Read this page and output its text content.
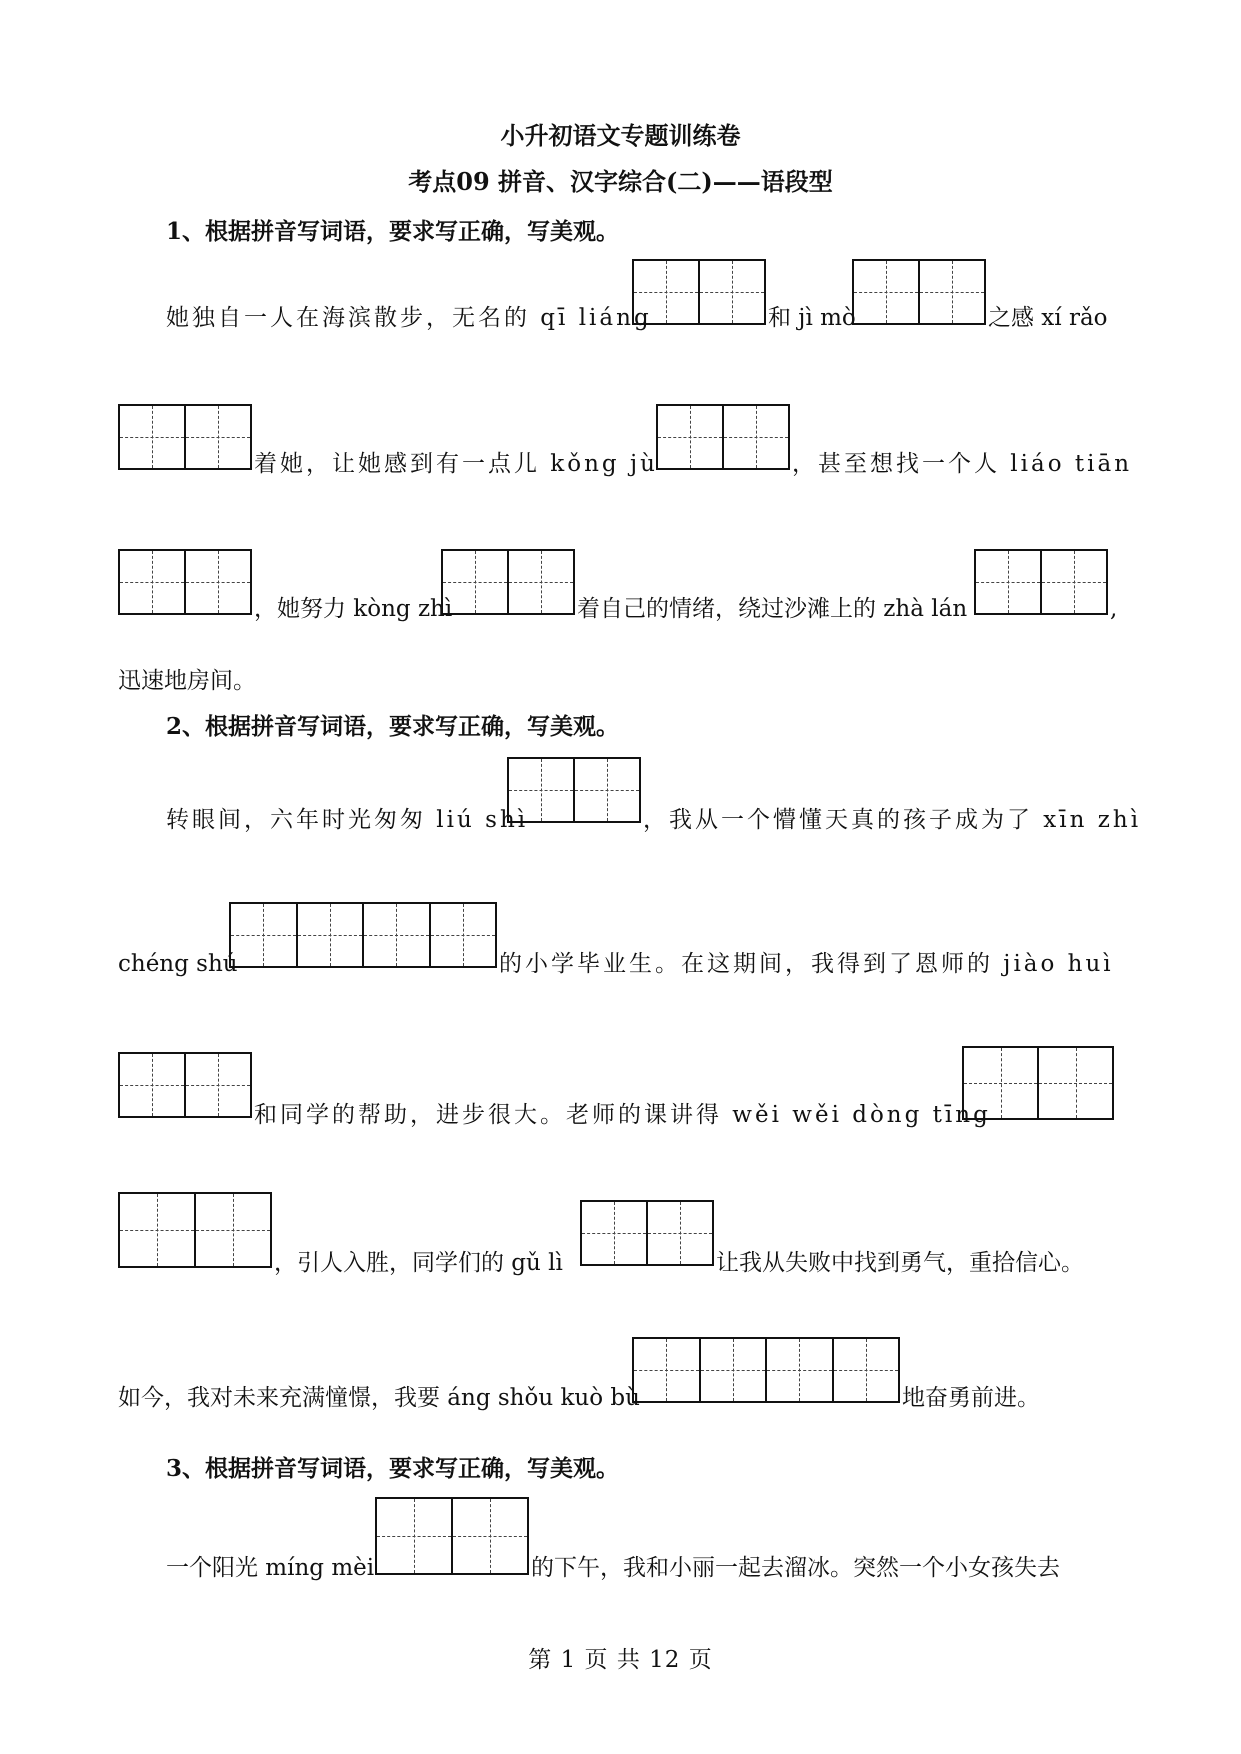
小升初语文专题训练卷
考点09 拼音、汉字综合(二)——语段型
1、根据拼音写词语，要求写正确，写美观。
她独自一人在海滨散步，无名的 qī liáng	和 jì mò	之感 xí rǎo
着她，让她感到有一点儿 kǒng jù	，甚至想找一个人 liáo tiān
，她努力 kòng zhì	着自己的情绪，绕过沙滩上的 zhà lán	,
迅速地房间。
2、根据拼音写词语，要求写正确，写美观。
转眼间，六年时光匆匆 liú shì	，我从一个懵懂天真的孩子成为了 xīn zhì
chéng shú	的小学毕业生。在这期间，我得到了恩师的 jiào huì
和同学的帮助，进步很大。老师的课讲得 wěi wěi dòng tīng
，引人入胜，同学们的 gǔ lì	让我从失败中找到勇气，重拾信心。
如今，我对未来充满憧憬，我要 áng shǒu kuò bù	地奋勇前进。
3、根据拼音写词语，要求写正确，写美观。
一个阳光 míng mèi	的下午，我和小丽一起去溜冰。突然一个小女孩失去
第 1 页 共 12 页
